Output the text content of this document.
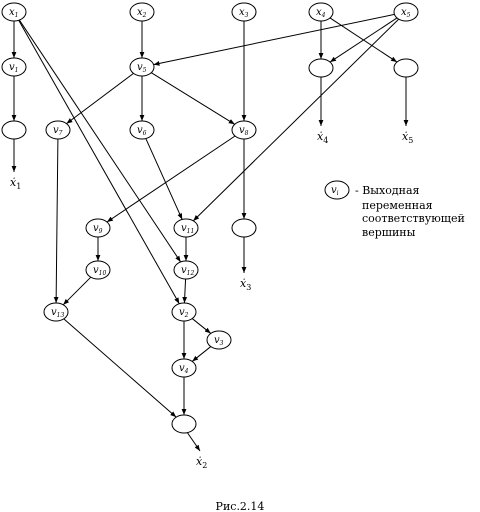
$x_1$	$x_2$	$x_3$	$x_4$	$x_5$
$v_1$	$v_5$
$v_7$	$v_6$	$v_8$
$v_9$	$v_{11}$
$v_{10}$	$v_{12}$
$v_{13}$	$v_2$
$v_3$
$v_4$
ẋ$_1$
ẋ$_2$
ẋ$_3$
ẋ$_4$	ẋ$_5$
$v_i$ - Выходная
переменная
соответствующей
вершины
Рис.2.14
